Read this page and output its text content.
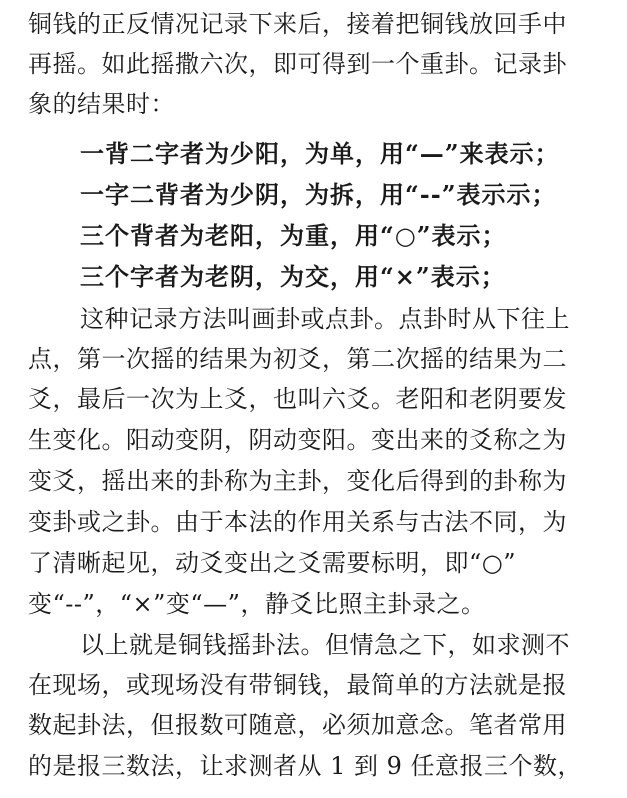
铜钱的正反情况记录下来后，接着把铜钱放回手中
再摇。如此摇撒六次，即可得到一个重卦。记录卦
象的结果时：
一背二字者为少阳，为单，用“—”来表示；
一字二背者为少阴，为拆，用“--”表示示；
三个背者为老阳，为重，用“○”表示；
三个字者为老阴，为交，用“×”表示；
这种记录方法叫画卦或点卦。点卦时从下往上
点，第一次摇的结果为初爻，第二次摇的结果为二
爻，最后一次为上爻，也叫六爻。老阳和老阴要发
生变化。阳动变阴，阴动变阳。变出来的爻称之为
变爻，摇出来的卦称为主卦，变化后得到的卦称为
变卦或之卦。由于本法的作用关系与古法不同，为
了清晰起见，动爻变出之爻需要标明，即“○”
变“--”，“×”变“—”，静爻比照主卦录之。
以上就是铜钱摇卦法。但情急之下，如求测不
在现场，或现场没有带铜钱，最简单的方法就是报
数起卦法，但报数可随意，必须加意念。笔者常用
的是报三数法，让求测者从 1 到 9 任意报三个数，
